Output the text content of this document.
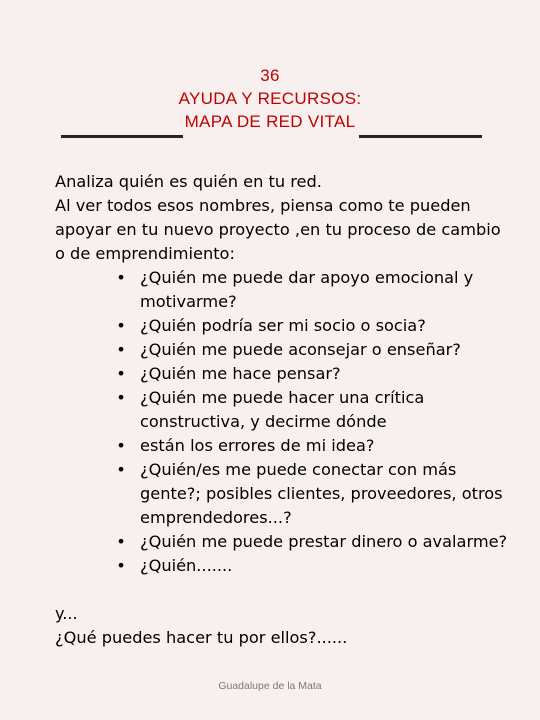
36
AYUDA Y RECURSOS:
MAPA DE RED VITAL

Analiza quién es quién en tu red.

Al ver todos esos nombres, piensa como te pueden

apoyar en tu nuevo proyecto ,en tu proceso de cambio

o de emprendimiento:

• ¿Quién me puede dar apoyo emocional y motivarme?
• ¿Quién podría ser mi socio o socia?
• ¿Quién me puede aconsejar o enseñar?
• ¿Quién me hace pensar?
• ¿Quién me puede hacer una crítica constructiva, y decirme dónde
• están los errores de mi idea?
• ¿Quién/es me puede conectar con más gente?; posibles clientes, proveedores, otros emprendedores...?
• ¿Quién me puede prestar dinero o avalarme?
• ¿Quién.......

y...

¿Qué puedes hacer tu por ellos?......

Guadalupe de la Mata
